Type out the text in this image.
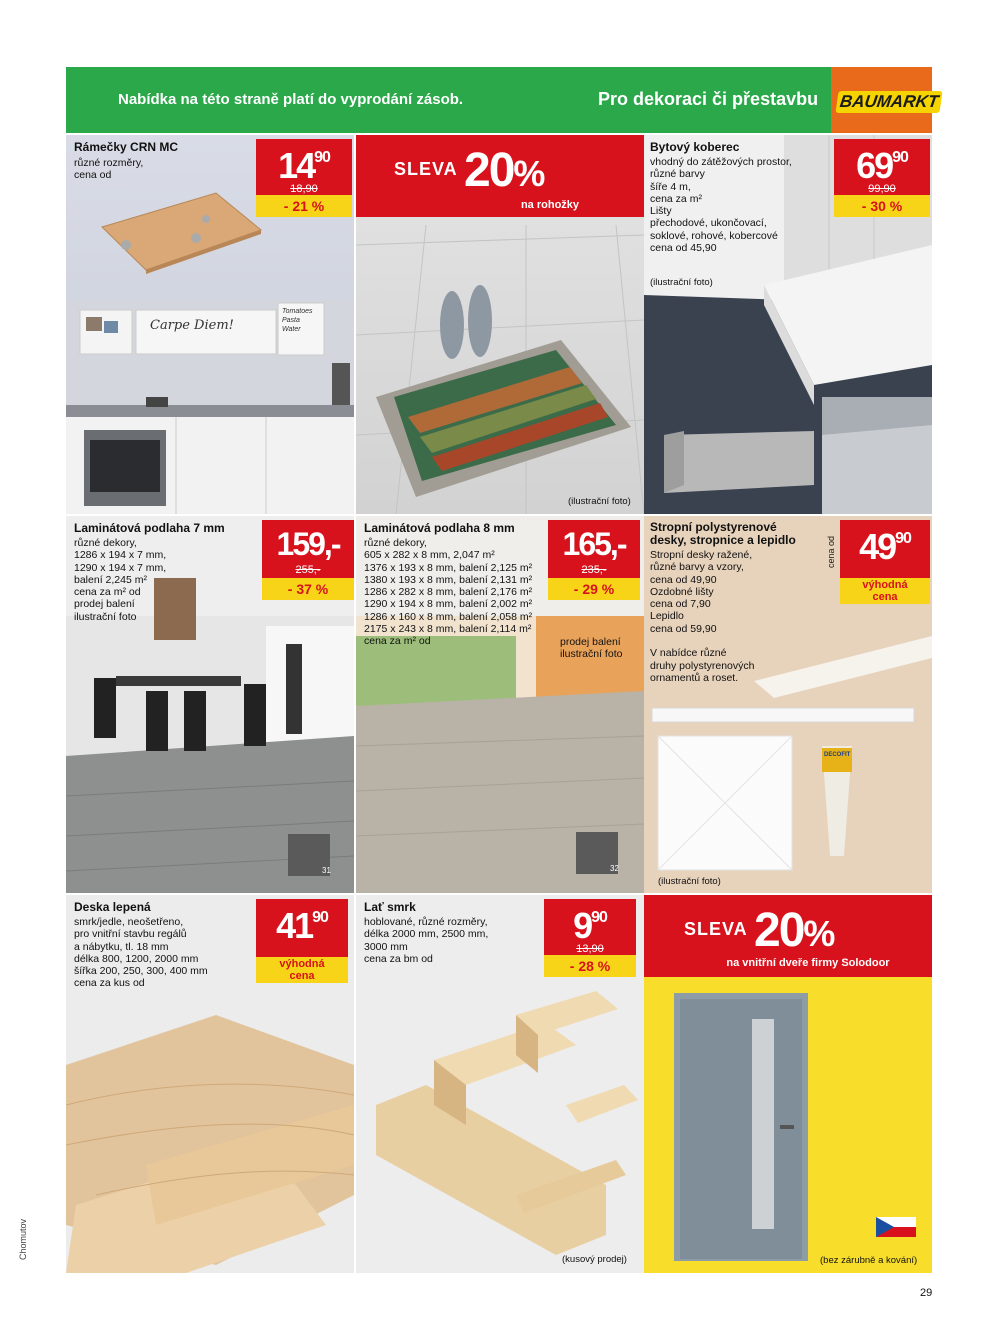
Nabídka na této straně platí do vyprodání zásob.	Pro dekoraci či přestavbu BAUMARKT
Rámečky CRN MC
různé rozměry,
cena od	$14^{90}$
18,90
- 21 %
Carpe Diem!
Tomatoes
Pasta
Water
SLEVA 20%
na rohožky
(ilustrační foto)
Bytový koberec
vhodný do zátěžových prostor,
různé barvy
šíře 4 m,
cena za m²
Lišty
přechodové, ukončovací,
soklové, rohové, kobercové
cena od 45,90
(ilustrační foto)
$69^{90}$
99,90
- 30 %
Laminátová podlaha 7 mm
různé dekory,
1286 x 194 x 7 mm,
1290 x 194 x 7 mm,
balení 2,245 m²
cena za m² od
prodej balení
ilustrační foto
159,-
255,-
- 37 %
31
Laminátová podlaha 8 mm
různé dekory,
605 x 282 x 8 mm, 2,047 m²
1376 x 193 x 8 mm, balení 2,125 m²
1380 x 193 x 8 mm, balení 2,131 m²
1286 x 282 x 8 mm, balení 2,176 m²
1290 x 194 x 8 mm, balení 2,002 m²
1286 x 160 x 8 mm, balení 2,058 m²
2175 x 243 x 8 mm, balení 2,114 m²
cena za m² od	prodej balení
ilustrační foto
165,-
235,-
- 29 %
32
Stropní polystyrenové
desky, stropnice a lepidlo
Stropní desky ražené,
různé barvy a vzory,
cena od 49,90
Ozdobné lišty
cena od 7,90
Lepidlo
cena od 59,90

V nabídce různé
druhy polystyrenových
ornamentů a roset.
(ilustrační foto)
cena od
DECOFIT
$49^{90}$
výhodná
cena
Deska lepená
smrk/jedle, neošetřeno,
pro vnitřní stavbu regálů
a nábytku, tl. 18 mm
délka 800, 1200, 2000 mm
šířka 200, 250, 300, 400 mm
cena za kus od
$41^{90}$
výhodná
cena
Lať smrk
hoblované, různé rozměry,
délka 2000 mm, 2500 mm,
3000 mm
cena za bm od
(kusový prodej)
$9^{90}$
13,90
- 28 %
SLEVA 20%
na vnitřní dveře firmy Solodoor
(bez zárubně a kování)
29
Chomutov
